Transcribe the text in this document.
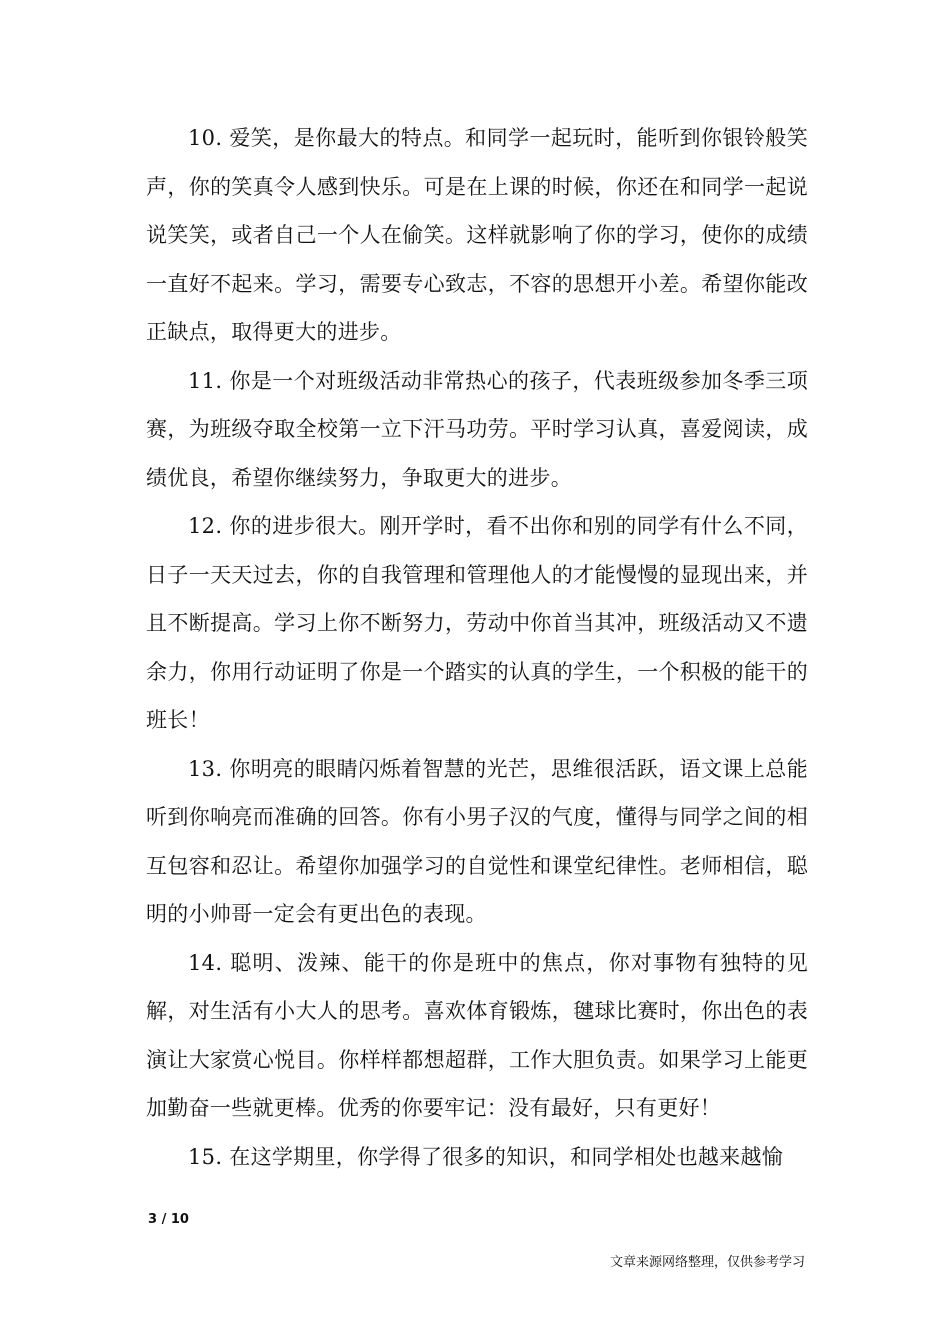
10. 爱笑，是你最大的特点。和同学一起玩时，能听到你银铃般笑声，你的笑真令人感到快乐。可是在上课的时候，你还在和同学一起说说笑笑，或者自己一个人在偷笑。这样就影响了你的学习，使你的成绩一直好不起来。学习，需要专心致志，不容的思想开小差。希望你能改正缺点，取得更大的进步。

11. 你是一个对班级活动非常热心的孩子，代表班级参加冬季三项赛，为班级夺取全校第一立下汗马功劳。平时学习认真，喜爱阅读，成绩优良，希望你继续努力，争取更大的进步。

12. 你的进步很大。刚开学时，看不出你和别的同学有什么不同，日子一天天过去，你的自我管理和管理他人的才能慢慢的显现出来，并且不断提高。学习上你不断努力，劳动中你首当其冲，班级活动又不遗余力，你用行动证明了你是一个踏实的认真的学生，一个积极的能干的班长！

13. 你明亮的眼睛闪烁着智慧的光芒，思维很活跃，语文课上总能听到你响亮而准确的回答。你有小男子汉的气度，懂得与同学之间的相互包容和忍让。希望你加强学习的自觉性和课堂纪律性。老师相信，聪明的小帅哥一定会有更出色的表现。

14. 聪明、泼辣、能干的你是班中的焦点，你对事物有独特的见解，对生活有小大人的思考。喜欢体育锻炼，毽球比赛时，你出色的表演让大家赏心悦目。你样样都想超群，工作大胆负责。如果学习上能更加勤奋一些就更棒。优秀的你要牢记：没有最好，只有更好！

15. 在这学期里，你学得了很多的知识，和同学相处也越来越愉

3 / 10
文章来源网络整理，仅供参考学习
